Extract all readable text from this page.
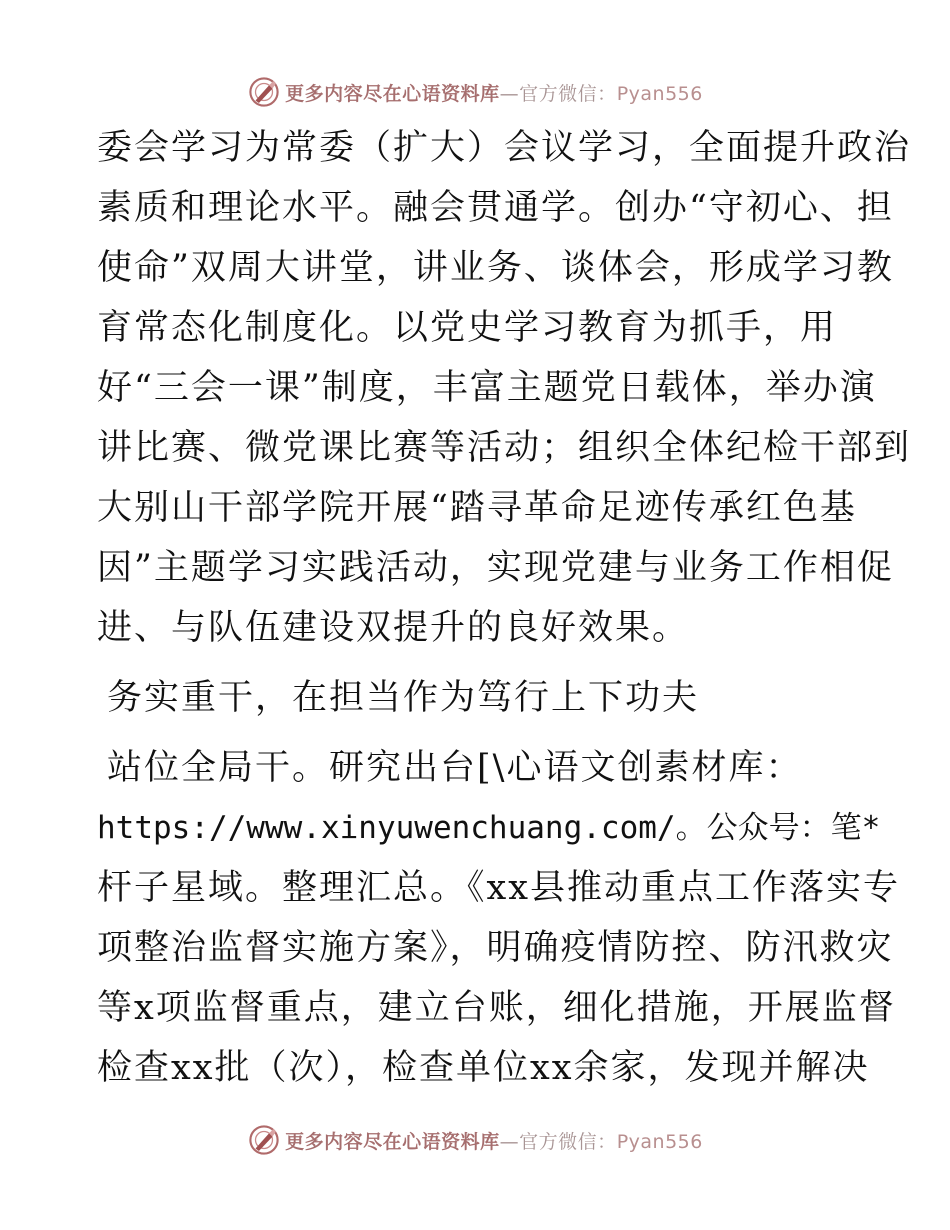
更多内容尽在心语资料库—官方微信：Pyan556
委会学习为常委（扩大）会议学习，全面提升政治
素质和理论水平。融会贯通学。创办“守初心、担
使命”双周大讲堂，讲业务、谈体会，形成学习教
育常态化制度化。以党史学习教育为抓手，用
好“三会一课”制度，丰富主题党日载体，举办演
讲比赛、微党课比赛等活动；组织全体纪检干部到
大别山干部学院开展“踏寻革命足迹传承红色基
因”主题学习实践活动，实现党建与业务工作相促
进、与队伍建设双提升的良好效果。
务实重干，在担当作为笃行上下功夫
站位全局干。研究出台[\心语文创素材库：
https://www.xinyuwenchuang.com/。公众号：笔*
杆子星域。整理汇总。《xx县推动重点工作落实专
项整治监督实施方案》，明确疫情防控、防汛救灾
等x项监督重点，建立台账，细化措施，开展监督
检查xx批（次），检查单位xx余家，发现并解决
更多内容尽在心语资料库—官方微信：Pyan556
